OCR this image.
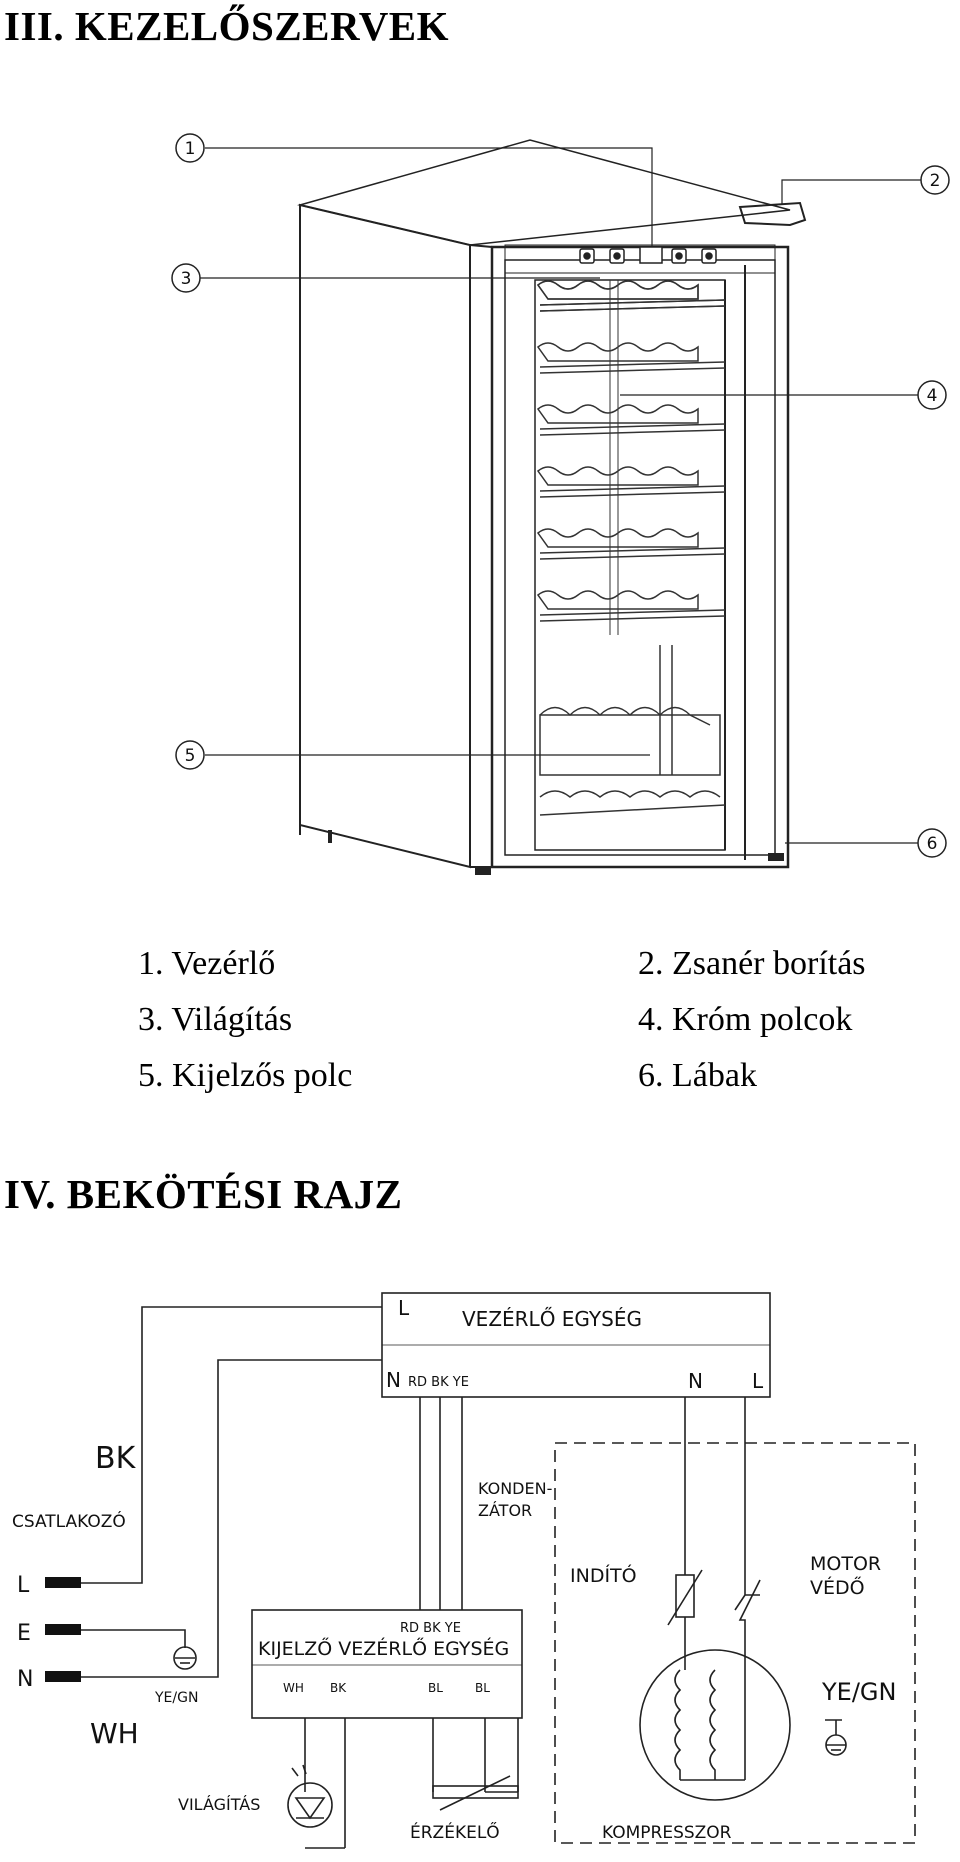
III. KEZELŐSZERVEK
1
2
3
4
5
6
1. Vezérlő	2. Zsanér borítás
3. Világítás	4. Króm polcok
5. Kijelzős polc	6. Lábak
IV. BEKÖTÉSI RAJZ
L	VEZÉRLŐ EGYSÉG
N RD BK YE	N L
BK
CSATLAKOZÓ
L
E
N
WH
YE/GN
KONDEN-
ZÁTOR
INDÍTÓ
MOTOR
VÉDŐ
YE/GN
RD BK YE
KIJELZŐ VEZÉRLŐ EGYSÉG
WH BK	BL	BL
VILÁGÍTÁS
ÉRZÉKELŐ	KOMPRESSZOR
